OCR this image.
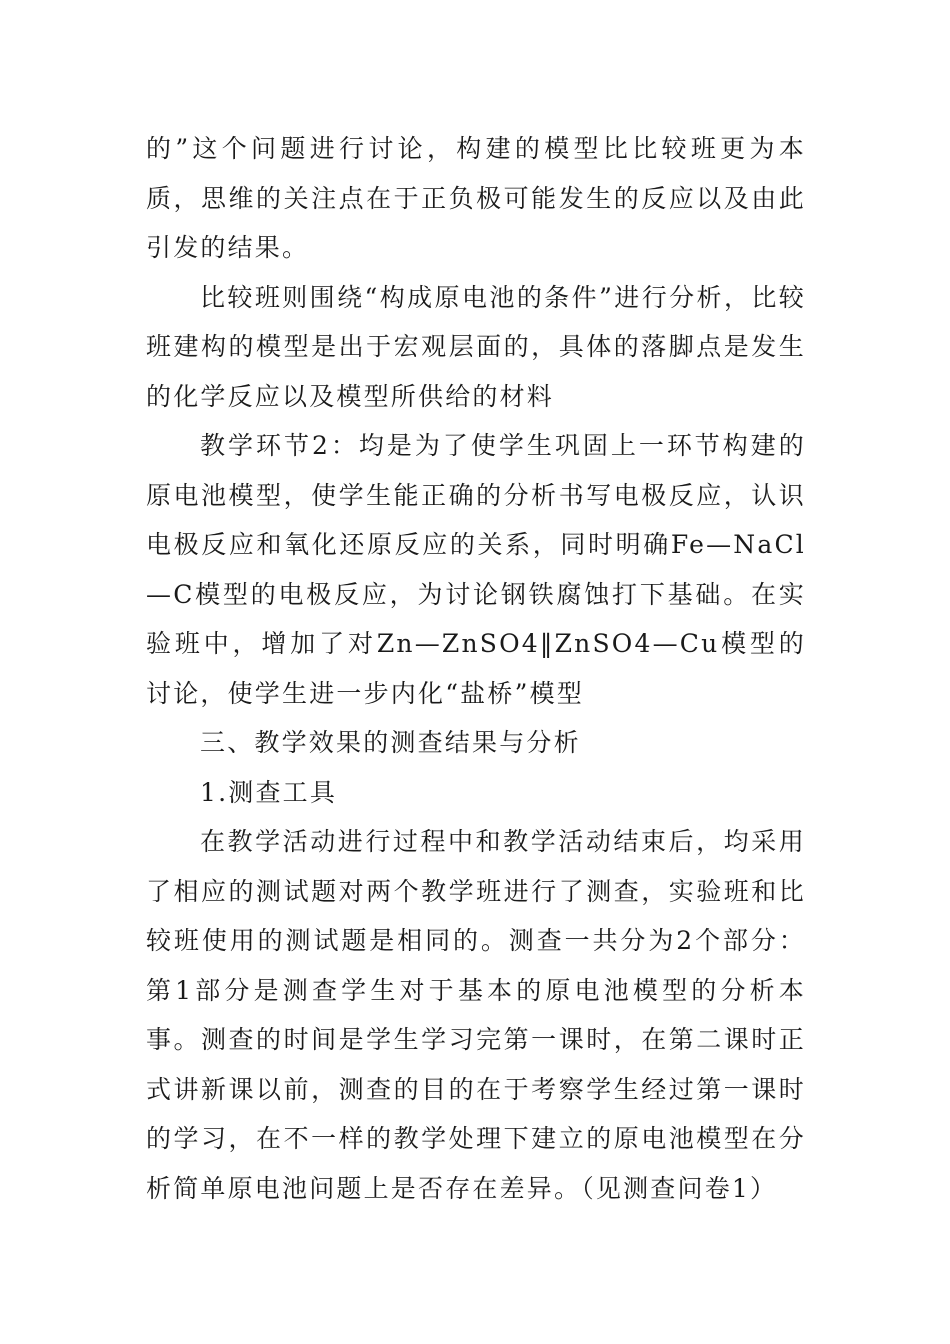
的”这个问题进行讨论，构建的模型比比较班更为本质，思维的关注点在于正负极可能发生的反应以及由此引发的结果。

比较班则围绕“构成原电池的条件”进行分析，比较班建构的模型是出于宏观层面的，具体的落脚点是发生的化学反应以及模型所供给的材料

教学环节2：均是为了使学生巩固上一环节构建的原电池模型，使学生能正确的分析书写电极反应，认识电极反应和氧化还原反应的关系，同时明确Fe—NaCl—C模型的电极反应，为讨论钢铁腐蚀打下基础。在实验班中，增加了对Zn—ZnSO4‖ZnSO4—Cu模型的讨论，使学生进一步内化“盐桥”模型

三、教学效果的测查结果与分析

1.测查工具

在教学活动进行过程中和教学活动结束后，均采用了相应的测试题对两个教学班进行了测查，实验班和比较班使用的测试题是相同的。测查一共分为2个部分：第1部分是测查学生对于基本的原电池模型的分析本事。测查的时间是学生学习完第一课时，在第二课时正式讲新课以前，测查的目的在于考察学生经过第一课时的学习，在不一样的教学处理下建立的原电池模型在分析简单原电池问题上是否存在差异。（见测查问卷1）
